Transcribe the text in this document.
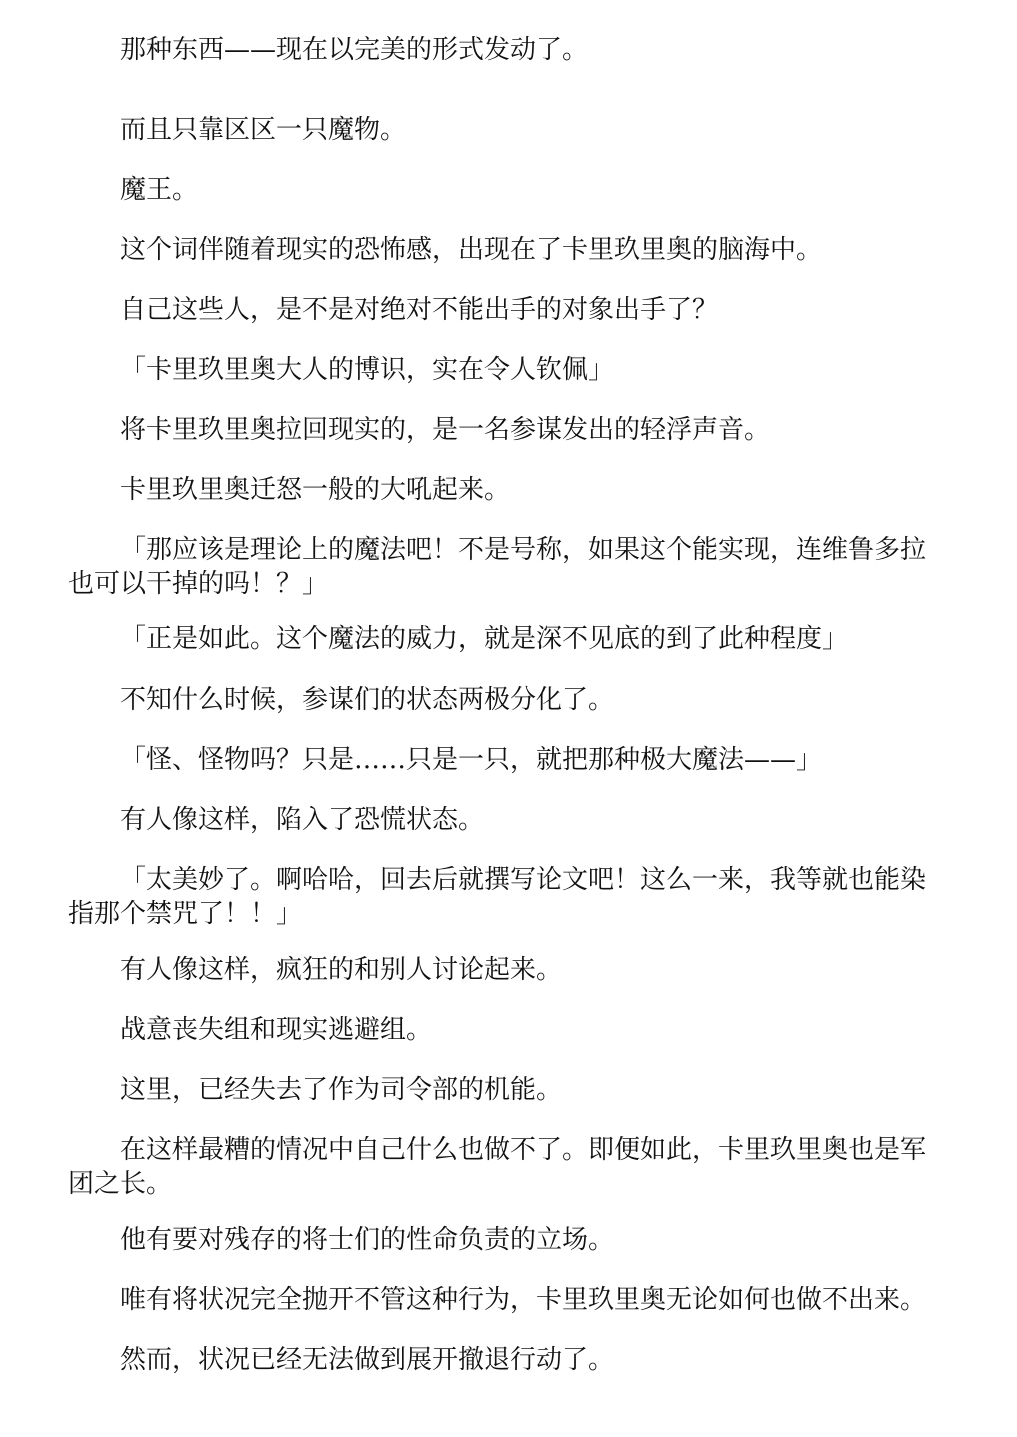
那种东西——现在以完美的形式发动了。

而且只靠区区一只魔物。

魔王。

这个词伴随着现实的恐怖感，出现在了卡里玖里奥的脑海中。

自己这些人，是不是对绝对不能出手的对象出手了？

「卡里玖里奥大人的博识，实在令人钦佩」

将卡里玖里奥拉回现实的，是一名参谋发出的轻浮声音。

卡里玖里奥迁怒一般的大吼起来。

「那应该是理论上的魔法吧！不是号称，如果这个能实现，连维鲁多拉也可以干掉的吗！？」

「正是如此。这个魔法的威力，就是深不见底的到了此种程度」

不知什么时候，参谋们的状态两极分化了。

「怪、怪物吗？只是……只是一只，就把那种极大魔法——」

有人像这样，陷入了恐慌状态。

「太美妙了。啊哈哈，回去后就撰写论文吧！这么一来，我等就也能染指那个禁咒了！！」

有人像这样，疯狂的和别人讨论起来。

战意丧失组和现实逃避组。

这里，已经失去了作为司令部的机能。

在这样最糟的情况中自己什么也做不了。即便如此，卡里玖里奥也是军团之长。

他有要对残存的将士们的性命负责的立场。

唯有将状况完全抛开不管这种行为，卡里玖里奥无论如何也做不出来。

然而，状况已经无法做到展开撤退行动了。
